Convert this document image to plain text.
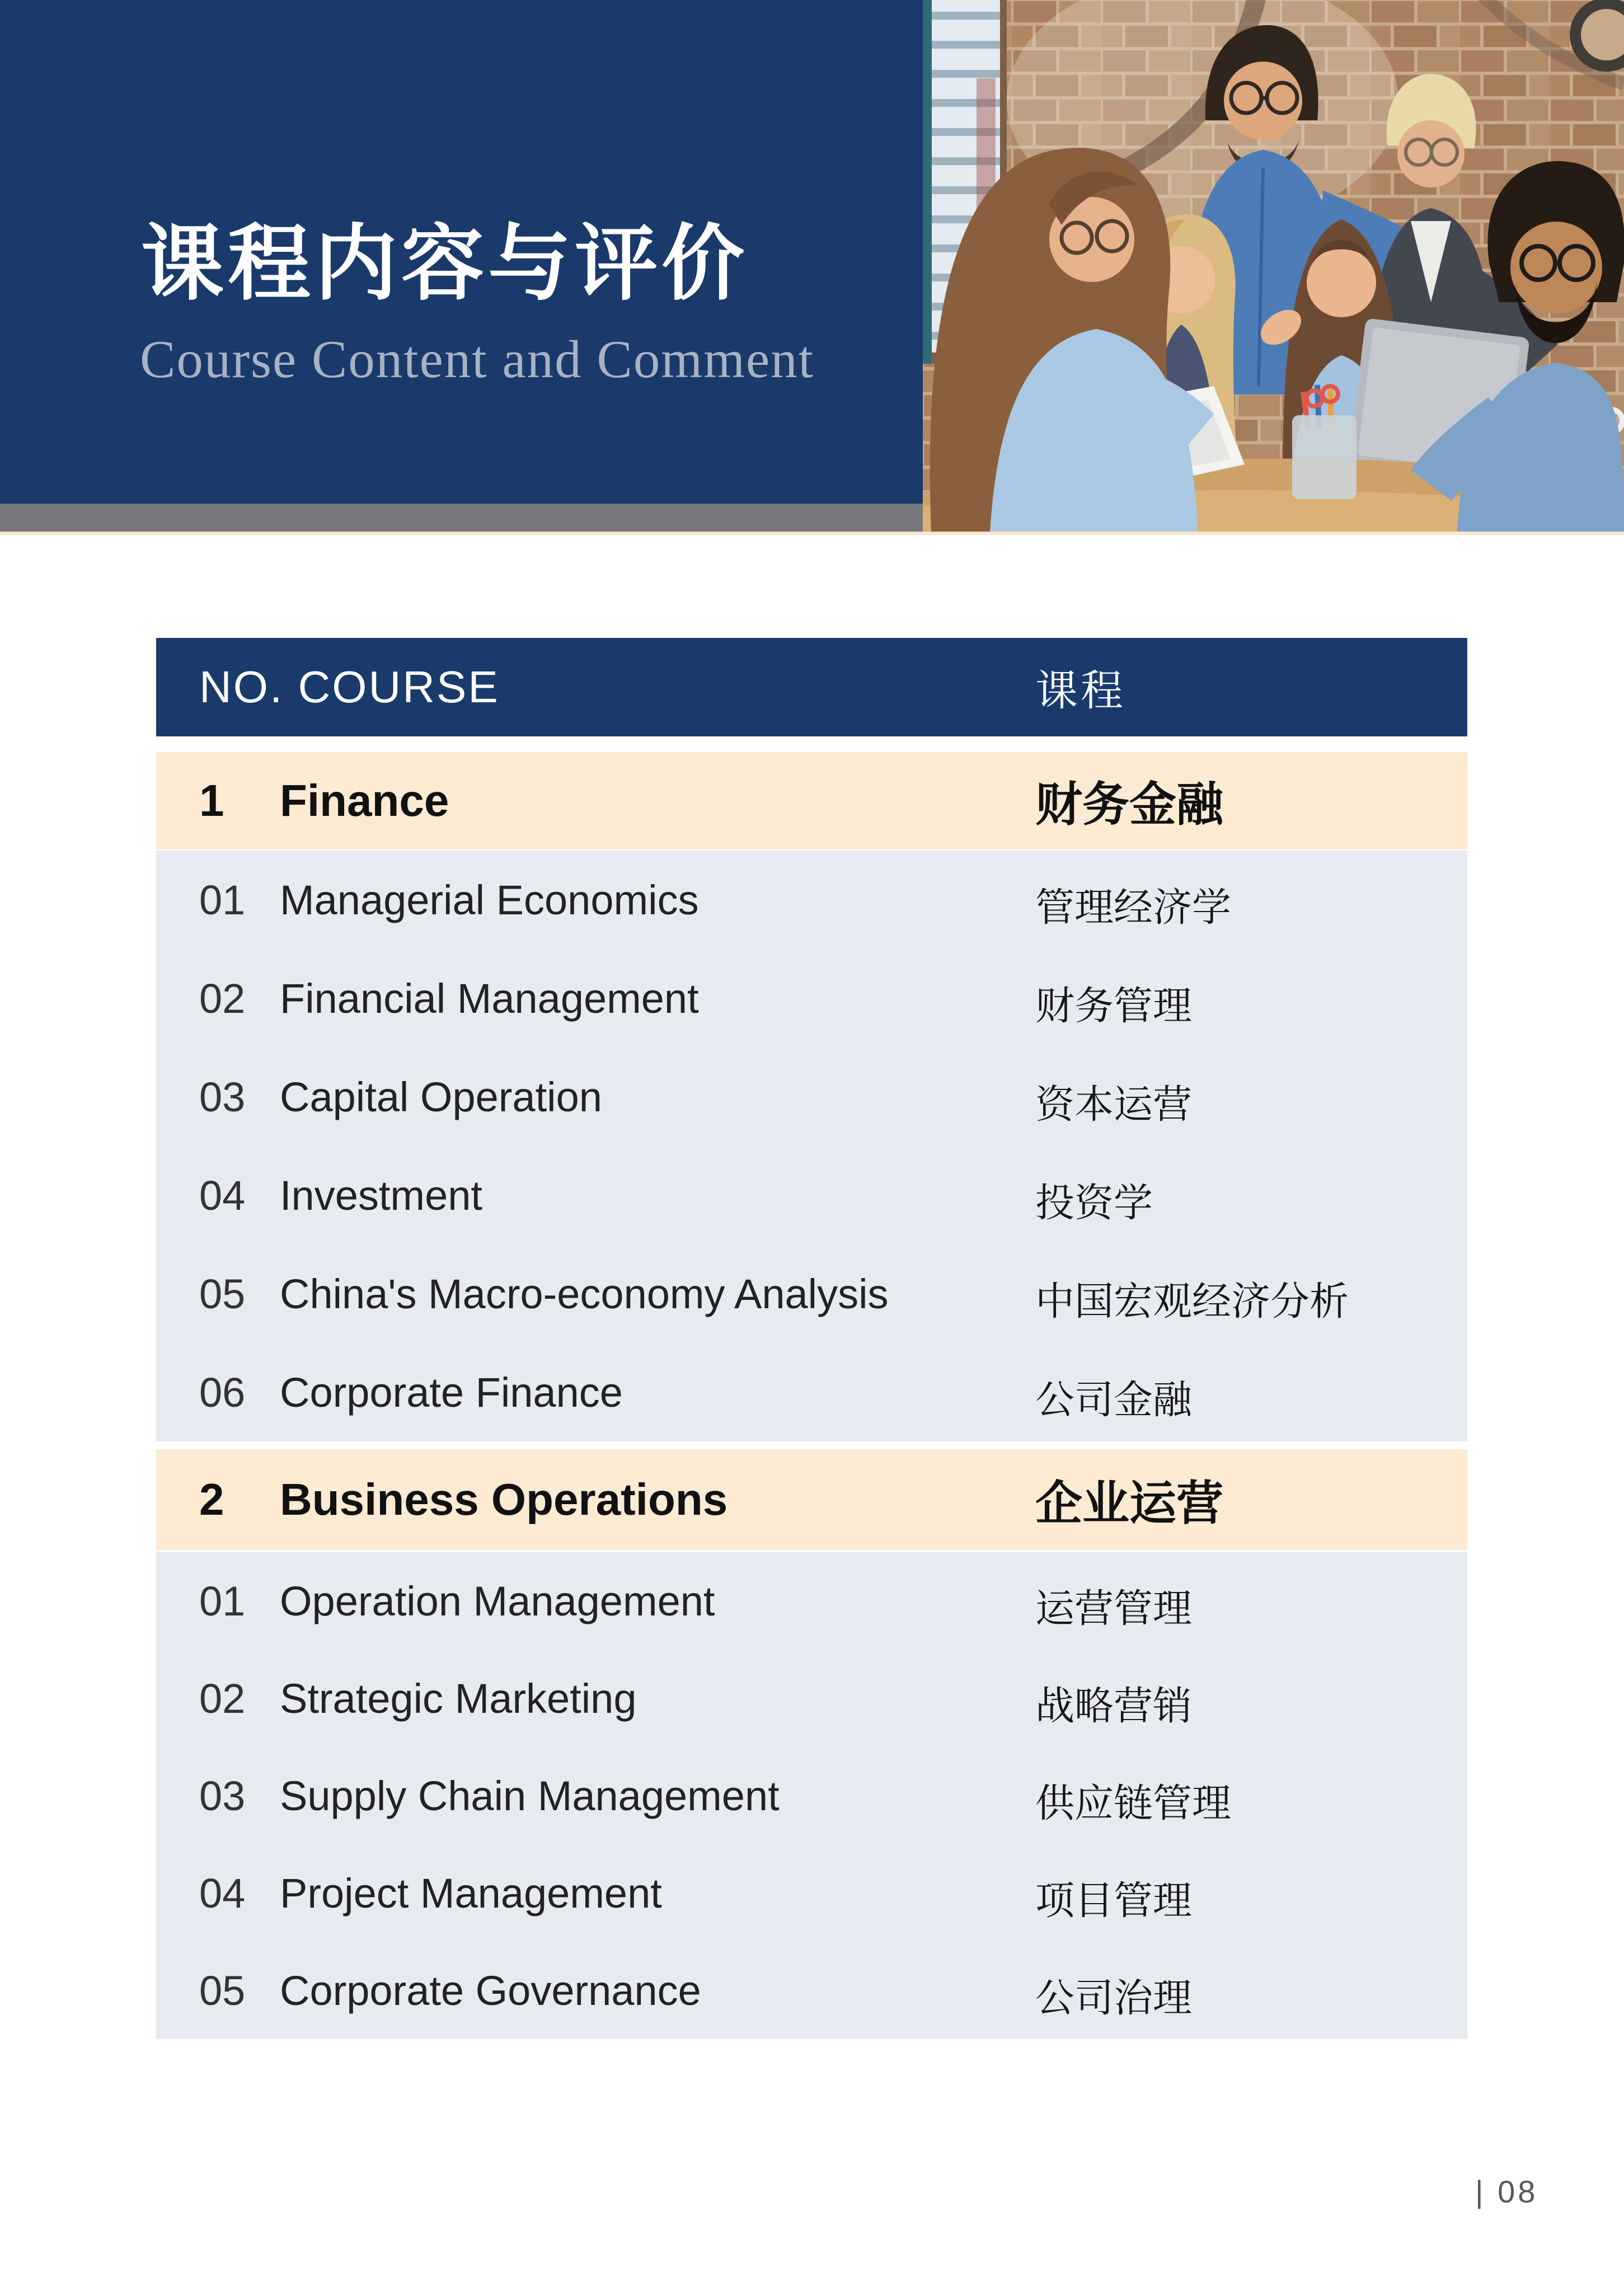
课程内容与评价
Course Content and Comment
NO. COURSE	课程
1	Finance	财务金融
01 Managerial Economics	管理经济学
02 Financial Management	财务管理
03 Capital Operation	资本运营
04 Investment	投资学
05 China's Macro-economy Analysis	中国宏观经济分析
06 Corporate Finance	公司金融
2	Business Operations	企业运营
01 Operation Management	运营管理
02 Strategic Marketing	战略营销
03 Supply Chain Management	供应链管理
04 Project Management	项目管理
05 Corporate Governance	公司治理
| 08
